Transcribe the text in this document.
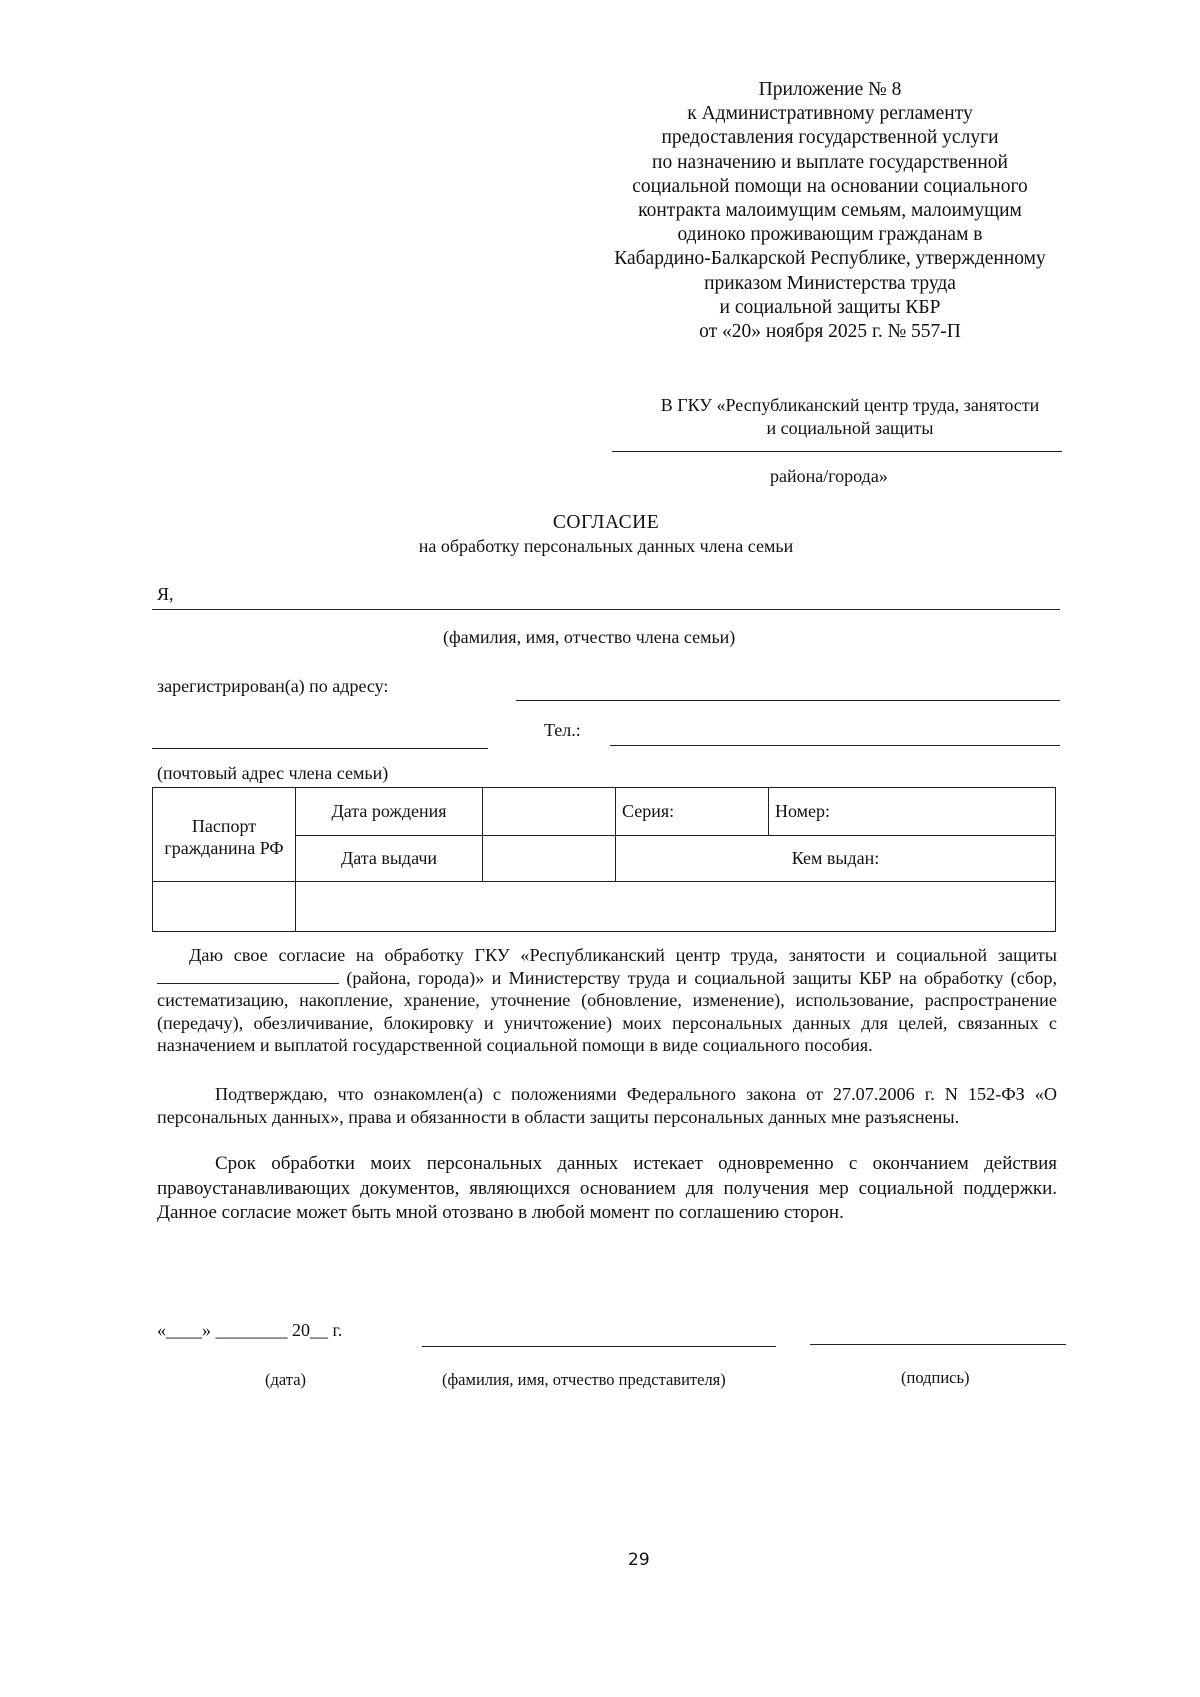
Приложение № 8
к Административному регламенту
предоставления государственной услуги
по назначению и выплате государственной
социальной помощи на основании социального
контракта малоимущим семьям, малоимущим
одиноко проживающим гражданам в
Кабардино-Балкарской Республике, утвержденному
приказом Министерства труда
и социальной защиты КБР
от «20» ноября 2025 г. № 557-П
В ГКУ «Республиканский центр труда, занятости
и социальной защиты
района/города»
СОГЛАСИЕ
на обработку персональных данных члена семьи
Я,
(фамилия, имя, отчество члена семьи)
зарегистрирован(а) по адресу:
Тел.:
(почтовый адрес члена семьи)
Паспорт гражданина РФ	Дата рождения		Серия:	Номер:
	Дата выдачи		Кем выдан:	

Даю свое согласие на обработку ГКУ «Республиканский центр труда, занятости и социальной защиты  (района, города)» и Министерству труда и социальной защиты КБР на обработку (сбор, систематизацию, накопление, хранение, уточнение (обновление, изменение), использование, распространение (передачу), обезличивание, блокировку и уничтожение) моих персональных данных для целей, связанных с назначением и выплатой государственной социальной помощи в виде социального пособия.
Подтверждаю, что ознакомлен(а) с положениями Федерального закона от 27.07.2006 г. N 152-ФЗ «О персональных данных», права и обязанности в области защиты персональных данных мне разъяснены.
Срок обработки моих персональных данных истекает одновременно с окончанием действия правоустанавливающих документов, являющихся основанием для получения мер социальной поддержки. Данное согласие может быть мной отозвано в любой момент по соглашению сторон.
«____» ________ 20__ г.
(дата)	(фамилия, имя, отчество представителя)	(подпись)
29
